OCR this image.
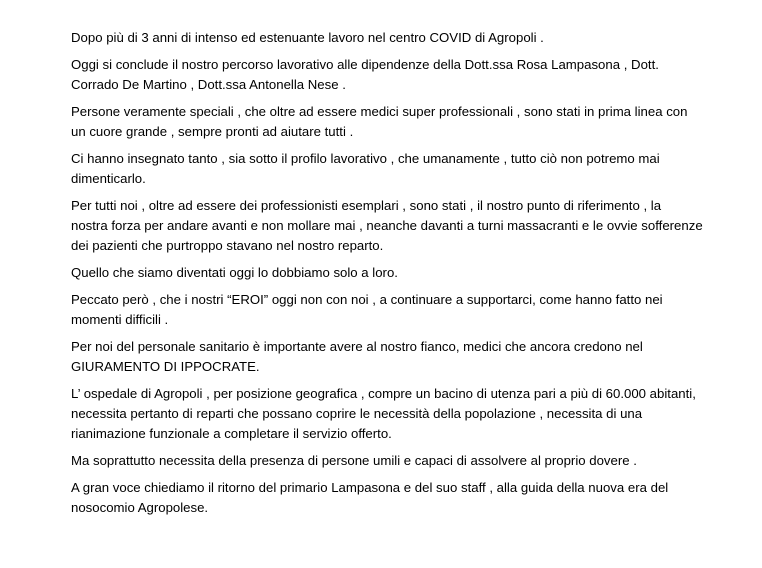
Dopo più di 3 anni di intenso ed estenuante lavoro nel centro COVID di Agropoli .

Oggi si conclude il nostro percorso lavorativo alle dipendenze della Dott.ssa Rosa Lampasona , Dott.
Corrado De Martino , Dott.ssa Antonella Nese .

Persone veramente speciali , che oltre ad essere medici super professionali , sono stati in prima linea con
un cuore grande , sempre pronti ad aiutare tutti .

Ci hanno insegnato tanto , sia sotto il profilo lavorativo , che umanamente , tutto ciò non potremo mai
dimenticarlo.

Per tutti noi , oltre ad essere dei professionisti esemplari , sono stati , il nostro punto di riferimento , la
nostra forza per andare avanti e non mollare mai , neanche davanti a turni massacranti e le ovvie sofferenze
dei pazienti che purtroppo stavano nel nostro reparto.

Quello che siamo diventati oggi lo dobbiamo solo a loro.

Peccato però , che i nostri “EROI” oggi non con noi , a continuare a supportarci, come hanno fatto nei
momenti difficili .

Per noi del personale sanitario è importante avere al nostro fianco, medici che ancora credono nel
GIURAMENTO DI IPPOCRATE.

L’ ospedale di Agropoli , per posizione geografica , compre un bacino di utenza pari a più di 60.000 abitanti,
necessita pertanto di reparti che possano coprire le necessità della popolazione , necessita di una
rianimazione funzionale a completare il servizio offerto.

Ma soprattutto necessita della presenza di persone umili e capaci di assolvere al proprio dovere .

A gran voce chiediamo il ritorno del primario Lampasona e del suo staff , alla guida della nuova era del
nosocomio Agropolese.
